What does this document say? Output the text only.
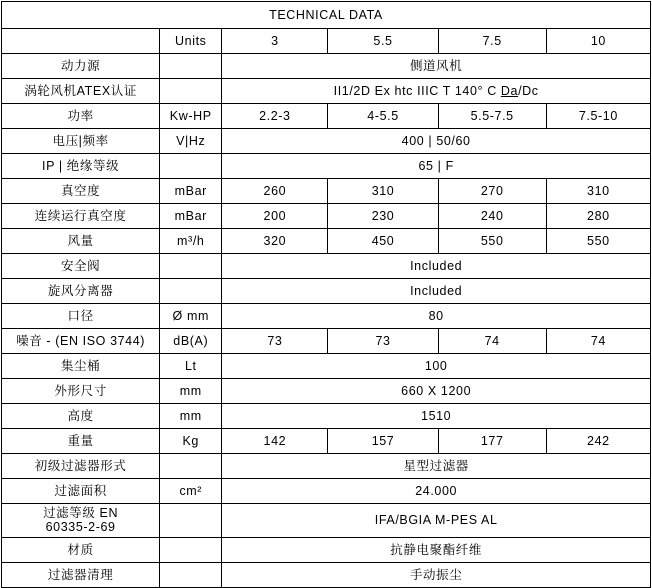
TECHNICAL DATA					
	Units	3	5.5	7.5	10
动力源		侧道风机			
涡轮风机ATEX认证		II1/2D Ex htc IIIC T 140° C Da/Dc			
功率	Kw-HP	2.2-3	4-5.5	5.5-7.5	7.5-10
电压|频率	V|Hz	400 | 50/60			
IP | 绝缘等级		65 | F			
真空度	mBar	260	310	270	310
连续运行真空度	mBar	200	230	240	280
风量	m³/h	320	450	550	550
安全阀		Included			
旋风分离器		Included			
口径	Ø mm	80			
噪音 - (EN ISO 3744)	dB(A)	73	73	74	74
集尘桶	Lt	100			
外形尺寸	mm	660 X 1200			
高度	mm	1510			
重量	Kg	142	157	177	242
初级过滤器形式		星型过滤器			
过滤面积	cm²	24.000			
过滤等级 EN
60335-2-69		IFA/BGIA M-PES AL			
材质		抗静电聚酯纤维			
过滤器清理		手动振尘			
